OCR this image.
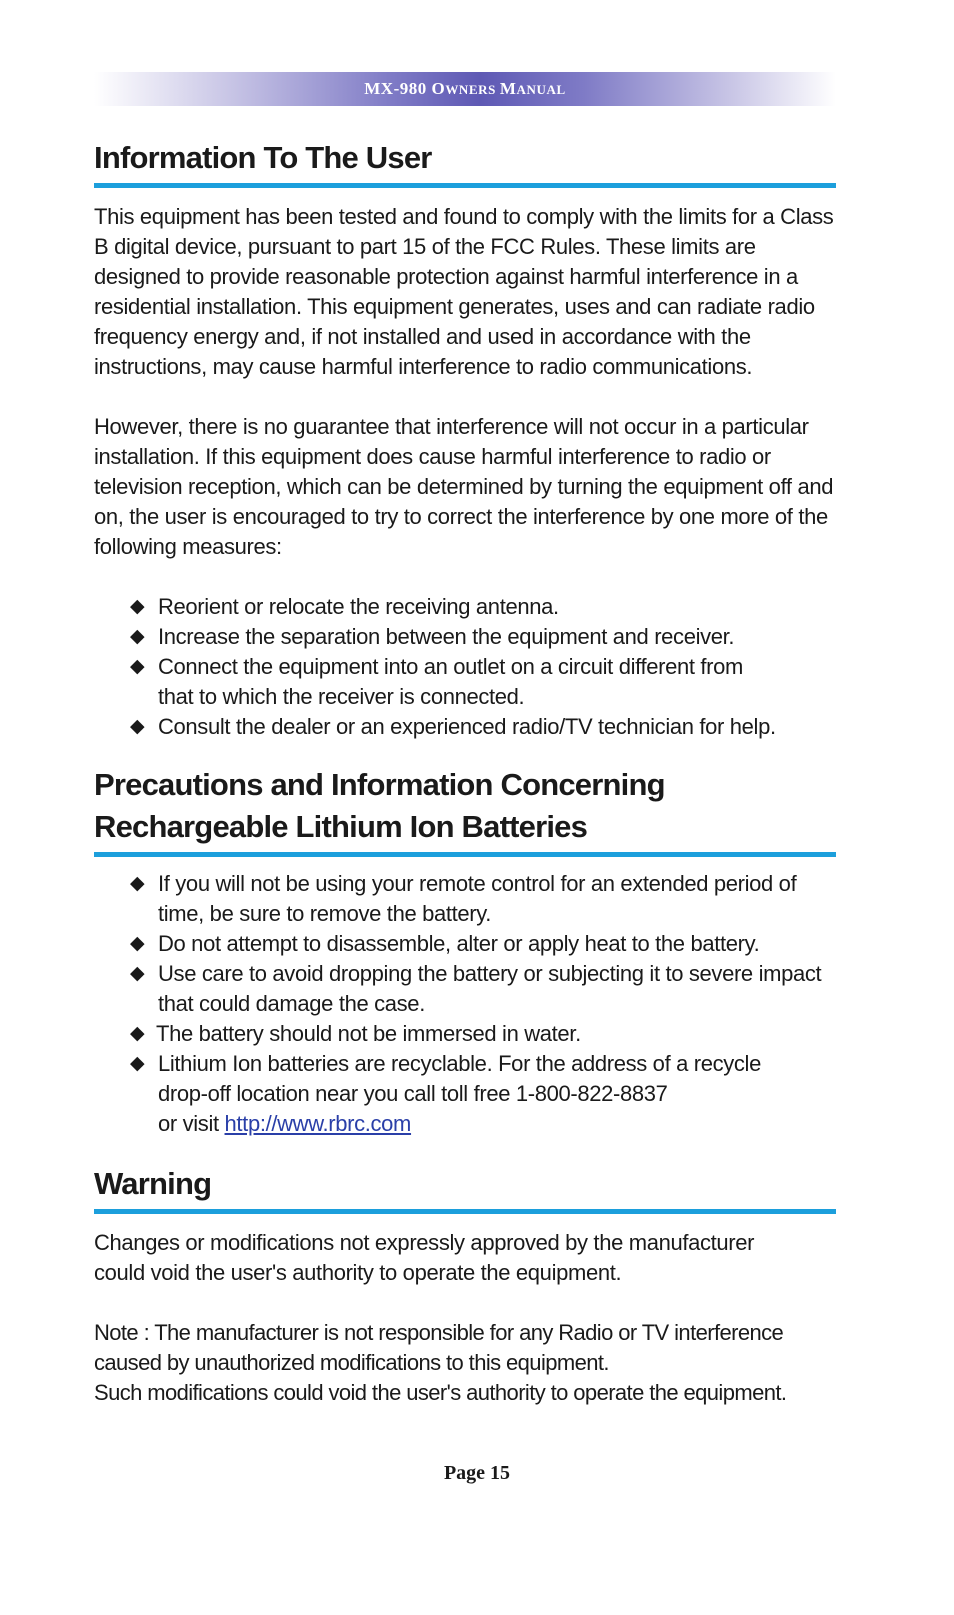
MX-980 OWNERS MANUAL
Information To The User

This equipment has been tested and found to comply with the limits for a Class B digital device, pursuant to part 15 of the FCC Rules. These limits are designed to provide reasonable protection against harmful interference in a residential installation. This equipment generates, uses and can radiate radio frequency energy and, if not installed and used in accordance with the instructions, may cause harmful interference to radio communications.

However, there is no guarantee that interference will not occur in a particular installation. If this equipment does cause harmful interference to radio or television reception, which can be determined by turning the equipment off and on, the user is encouraged to try to correct the interference by one more of the following measures:

◆ Reorient or relocate the receiving antenna.
◆ Increase the separation between the equipment and receiver.
◆ Connect the equipment into an outlet on a circuit different from that to which the receiver is connected.
◆ Consult the dealer or an experienced radio/TV technician for help.
Precautions and Information Concerning
Rechargeable Lithium Ion Batteries
◆ If you will not be using your remote control for an extended period of time, be sure to remove the battery.
◆ Do not attempt to disassemble, alter or apply heat to the battery.
◆ Use care to avoid dropping the battery or subjecting it to severe impact that could damage the case.
◆ The battery should not be immersed in water.
◆ Lithium Ion batteries are recyclable. For the address of a recycle
drop-off location near you call toll free 1-800-822-8837
or visit http://www.rbrc.com
Warning

Changes or modifications not expressly approved by the manufacturer could void the user's authority to operate the equipment.

Note : The manufacturer is not responsible for any Radio or TV interference caused by unauthorized modifications to this equipment.
Such modifications could void the user's authority to operate the equipment.

Page 15
